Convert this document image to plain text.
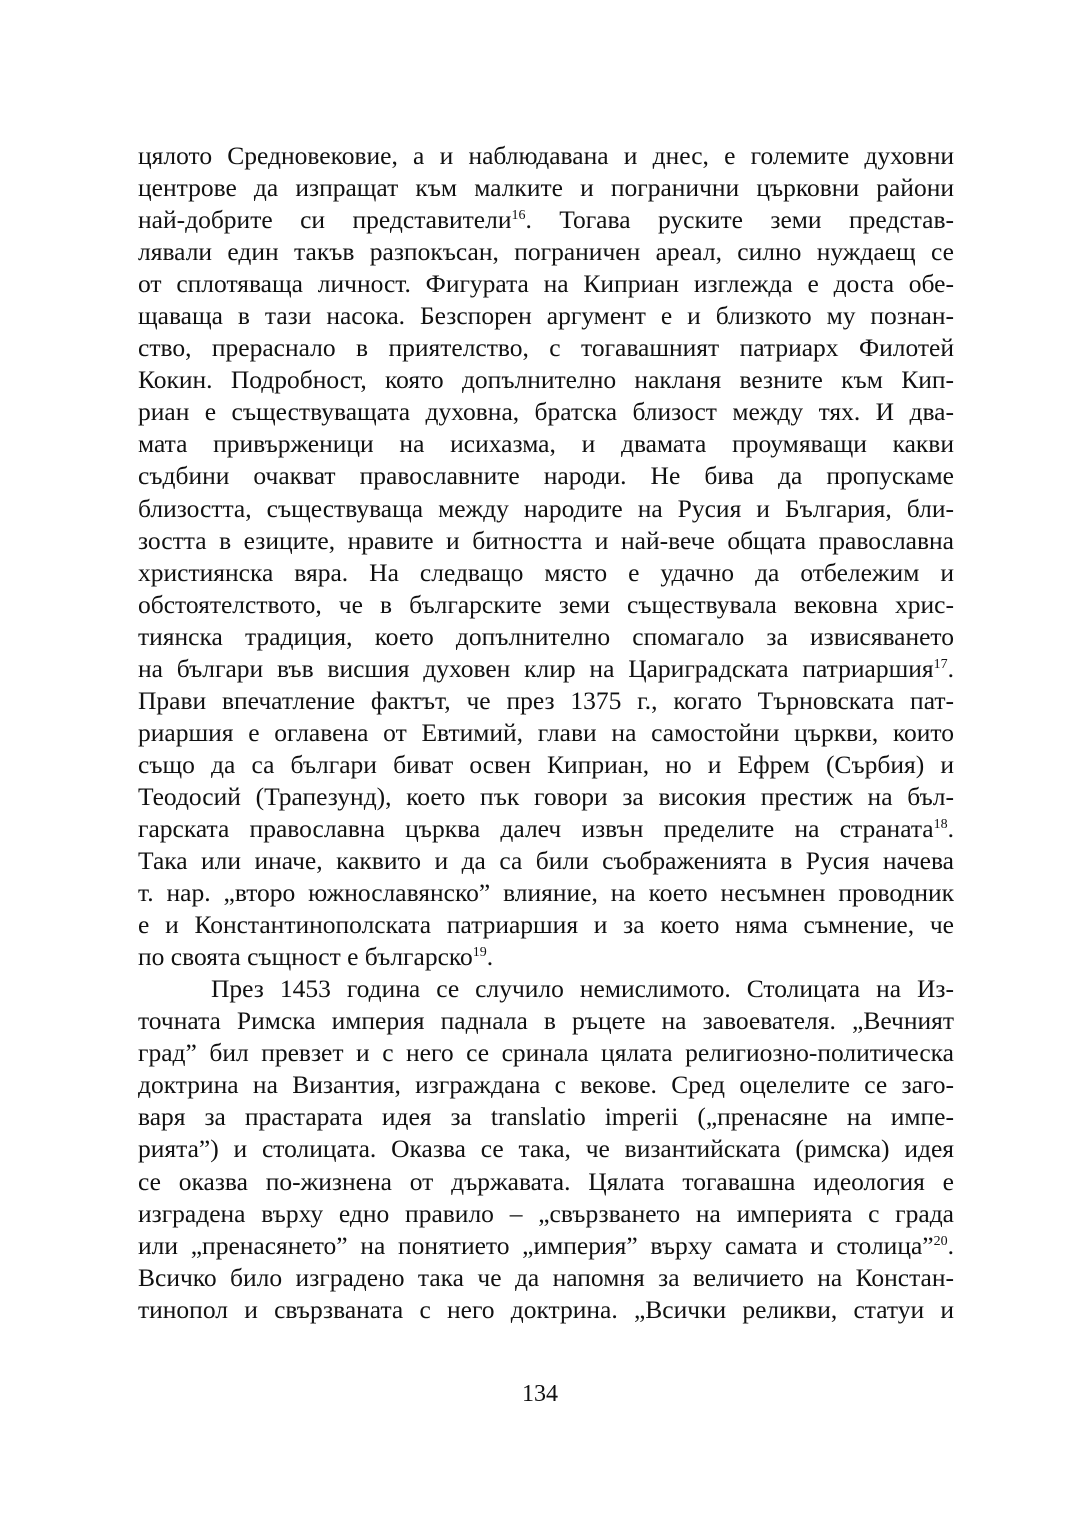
цялото Средновековие, а и наблюдавана и днес, е големите духовни
центрове да изпращат към малките и погранични църковни райони
най-добрите си представители$^{16}$. Тогава руските земи представ-
лявали един такъв разпокъсан, пограничен ареал, силно нуждаещ се
от сплотяваща личност. Фигурата на Киприан изглежда е доста обе-
щаваща в тази насока. Безспорен аргумент е и близкото му познан-
ство, прераснало в приятелство, с тогавашният патриарх Филотей
Кокин. Подробност, която допълнително накланя везните към Кип-
риан е съществуващата духовна, братска близост между тях. И два-
мата привърженици на исихазма, и двамата проумяващи какви
съдбини очакват православните народи. Не бива да пропускаме
близостта, съществуваща между народите на Русия и България, бли-
зостта в езиците, нравите и битността и най-вече общата православна
християнска вяра. На следващо място е удачно да отбележим и
обстоятелството, че в българските земи съществувала вековна хрис-
тиянска традиция, което допълнително спомагало за извисяването
на българи във висшия духовен клир на Цариградската патриаршия$^{17}$.
Прави впечатление фактът, че през 1375 г., когато Търновската пат-
риаршия е оглавена от Евтимий, глави на самостойни църкви, които
също да са българи биват освен Киприан, но и Ефрем (Сърбия) и
Теодосий (Трапезунд), което пък говори за високия престиж на бъл-
гарската православна църква далеч извън пределите на страната$^{18}$.
Така или иначе, каквито и да са били съображенията в Русия начева
т. нар. „второ южнославянско” влияние, на което несъмнен проводник
е и Константинополската патриаршия и за което няма съмнение, че
по своята същност е българско$^{19}$.
През 1453 година се случило немислимото. Столицата на Из-
точната Римска империя паднала в ръцете на завоевателя. „Вечният
град” бил превзет и с него се сринала цялата религиозно-политическа
доктрина на Византия, изграждана с векове. Сред оцелелите се заго-
варя за прастарата идея за translatio imperii („пренасяне на импе-
рията”) и столицата. Оказва се така, че византийската (римска) идея
се оказва по-жизнена от държавата. Цялата тогавашна идеология е
изградена върху едно правило – „свързването на империята с града
или „пренасянето” на понятието „империя” върху самата и столица”$^{20}$.
Всичко било изградено така че да напомня за величието на Констан-
тинопол и свързваната с него доктрина. „Всички реликви, статуи и
134
